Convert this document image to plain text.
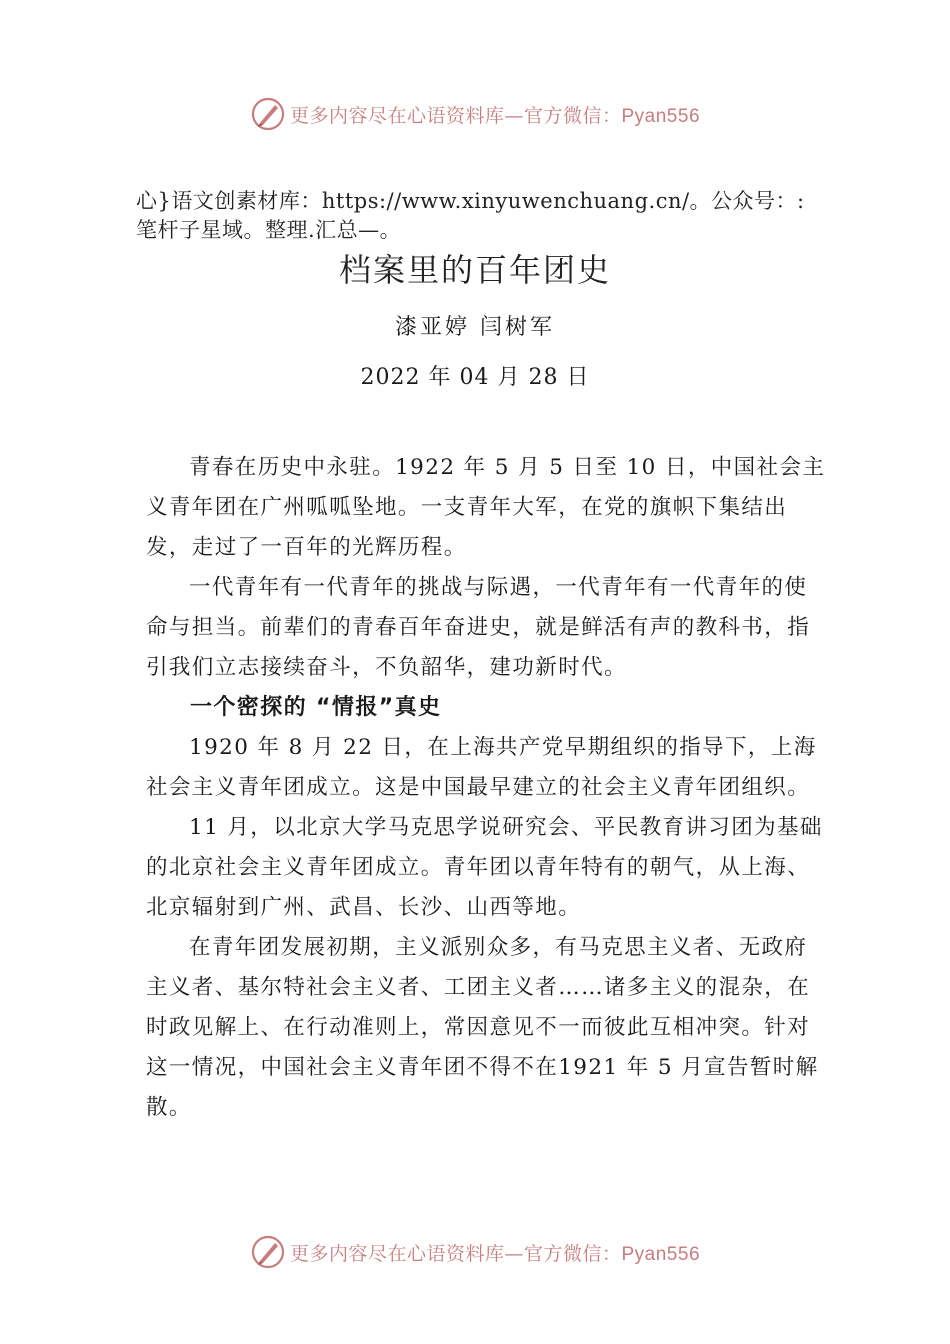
更多内容尽在心语资料库—官方微信：Pyan556
心}语文创素材库：https://www.xinyuwenchuang.cn/。公众号：:笔杆子星域。整理.汇总—。
档案里的百年团史
漆亚婷 闫树军
2022 年 04 月 28 日

青春在历史中永驻。1922 年 5 月 5 日至 10 日，中国社会主义青年团在广州呱呱坠地。一支青年大军，在党的旗帜下集结出发，走过了一百年的光辉历程。

一代青年有一代青年的挑战与际遇，一代青年有一代青年的使命与担当。前辈们的青春百年奋进史，就是鲜活有声的教科书，指引我们立志接续奋斗，不负韶华，建功新时代。

一个密探的 “情报”真史

1920 年 8 月 22 日，在上海共产党早期组织的指导下，上海社会主义青年团成立。这是中国最早建立的社会主义青年团组织。

11 月，以北京大学马克思学说研究会、平民教育讲习团为基础的北京社会主义青年团成立。青年团以青年特有的朝气，从上海、北京辐射到广州、武昌、长沙、山西等地。

在青年团发展初期，主义派别众多，有马克思主义者、无政府主义者、基尔特社会主义者、工团主义者……诸多主义的混杂，在时政见解上、在行动准则上，常因意见不一而彼此互相冲突。针对这一情况，中国社会主义青年团不得不在1921 年 5 月宣告暂时解散。

更多内容尽在心语资料库—官方微信：Pyan556
